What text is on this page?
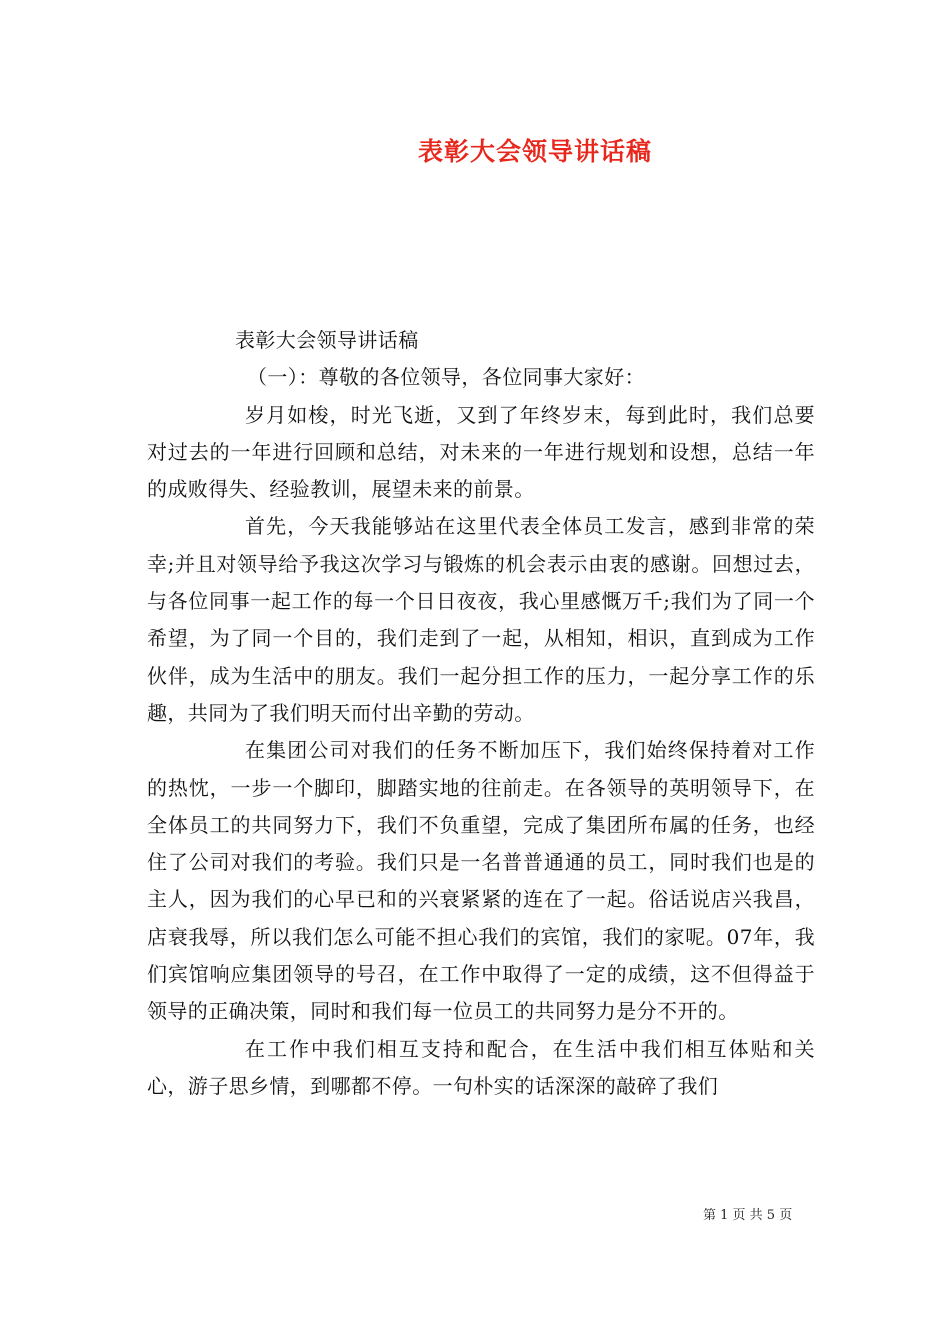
表彰大会领导讲话稿

表彰大会领导讲话稿

（一）：尊敬的各位领导，各位同事大家好：

岁月如梭，时光飞逝，又到了年终岁末，每到此时，我们总要对过去的一年进行回顾和总结，对未来的一年进行规划和设想，总结一年的成败得失、经验教训，展望未来的前景。

首先，今天我能够站在这里代表全体员工发言，感到非常的荣幸;并且对领导给予我这次学习与锻炼的机会表示由衷的感谢。回想过去，与各位同事一起工作的每一个日日夜夜，我心里感慨万千;我们为了同一个希望，为了同一个目的，我们走到了一起，从相知，相识，直到成为工作伙伴，成为生活中的朋友。我们一起分担工作的压力，一起分享工作的乐趣，共同为了我们明天而付出辛勤的劳动。

在集团公司对我们的任务不断加压下，我们始终保持着对工作的热忱，一步一个脚印，脚踏实地的往前走。在各领导的英明领导下，在全体员工的共同努力下，我们不负重望，完成了集团所布属的任务，也经住了公司对我们的考验。我们只是一名普普通通的员工，同时我们也是的主人，因为我们的心早已和的兴衰紧紧的连在了一起。俗话说店兴我昌，店衰我辱，所以我们怎么可能不担心我们的宾馆，我们的家呢。07年，我们宾馆响应集团领导的号召，在工作中取得了一定的成绩，这不但得益于领导的正确决策，同时和我们每一位员工的共同努力是分不开的。

在工作中我们相互支持和配合，在生活中我们相互体贴和关心，游子思乡情，到哪都不停。一句朴实的话深深的敲碎了我们

第 1 页 共 5 页
